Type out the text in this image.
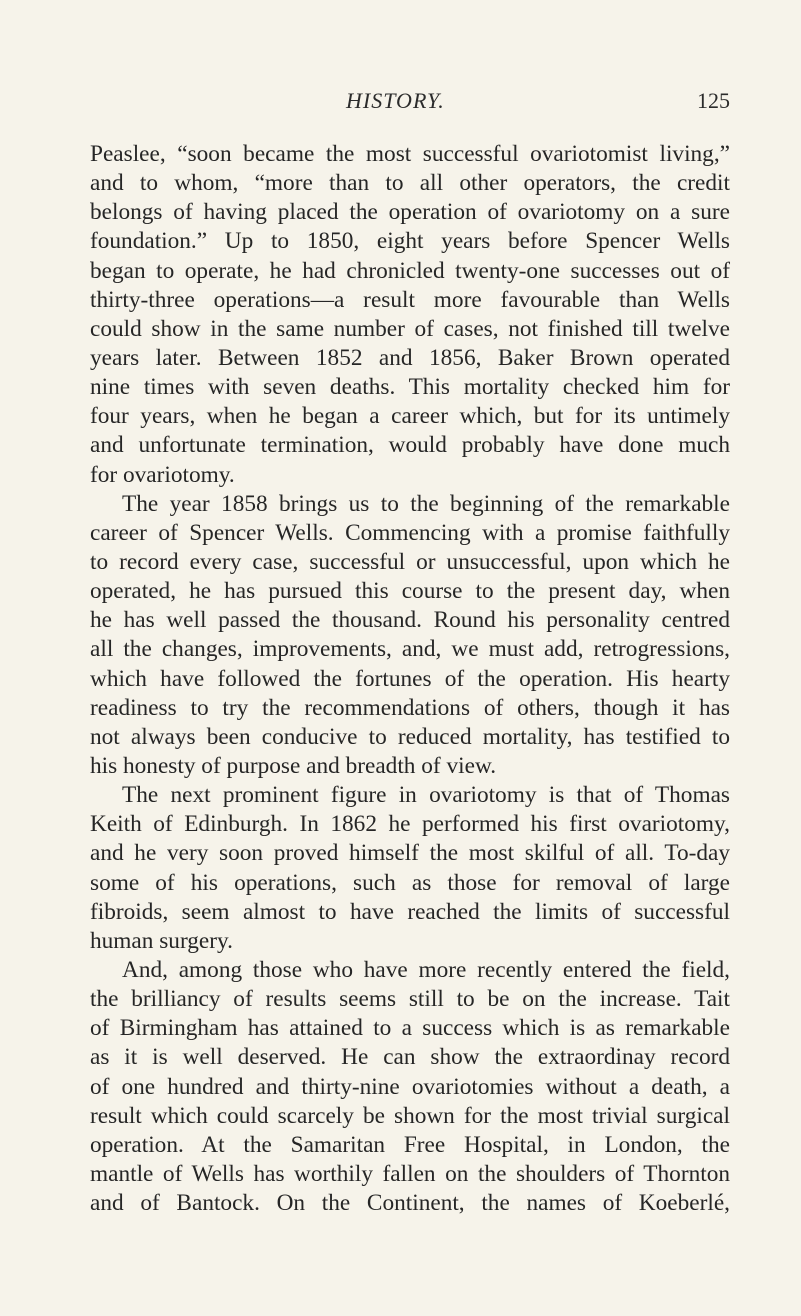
HISTORY.	125
Peaslee, “soon became the most successful ovariotomist living,”
and to whom, “more than to all other operators, the credit
belongs of having placed the operation of ovariotomy on a sure
foundation.” Up to 1850, eight years before Spencer Wells
began to operate, he had chronicled twenty-one successes out of
thirty-three operations—a result more favourable than Wells
could show in the same number of cases, not finished till twelve
years later. Between 1852 and 1856, Baker Brown operated
nine times with seven deaths. This mortality checked him for
four years, when he began a career which, but for its untimely
and unfortunate termination, would probably have done much
for ovariotomy.
The year 1858 brings us to the beginning of the remarkable
career of Spencer Wells. Commencing with a promise faithfully
to record every case, successful or unsuccessful, upon which he
operated, he has pursued this course to the present day, when
he has well passed the thousand. Round his personality centred
all the changes, improvements, and, we must add, retrogressions,
which have followed the fortunes of the operation. His hearty
readiness to try the recommendations of others, though it has
not always been conducive to reduced mortality, has testified to
his honesty of purpose and breadth of view.
The next prominent figure in ovariotomy is that of Thomas
Keith of Edinburgh. In 1862 he performed his first ovariotomy,
and he very soon proved himself the most skilful of all. To-day
some of his operations, such as those for removal of large
fibroids, seem almost to have reached the limits of successful
human surgery.
And, among those who have more recently entered the field,
the brilliancy of results seems still to be on the increase. Tait
of Birmingham has attained to a success which is as remarkable
as it is well deserved. He can show the extraordinay record
of one hundred and thirty-nine ovariotomies without a death, a
result which could scarcely be shown for the most trivial surgical
operation. At the Samaritan Free Hospital, in London, the
mantle of Wells has worthily fallen on the shoulders of Thornton
and of Bantock. On the Continent, the names of Koeberlé,
